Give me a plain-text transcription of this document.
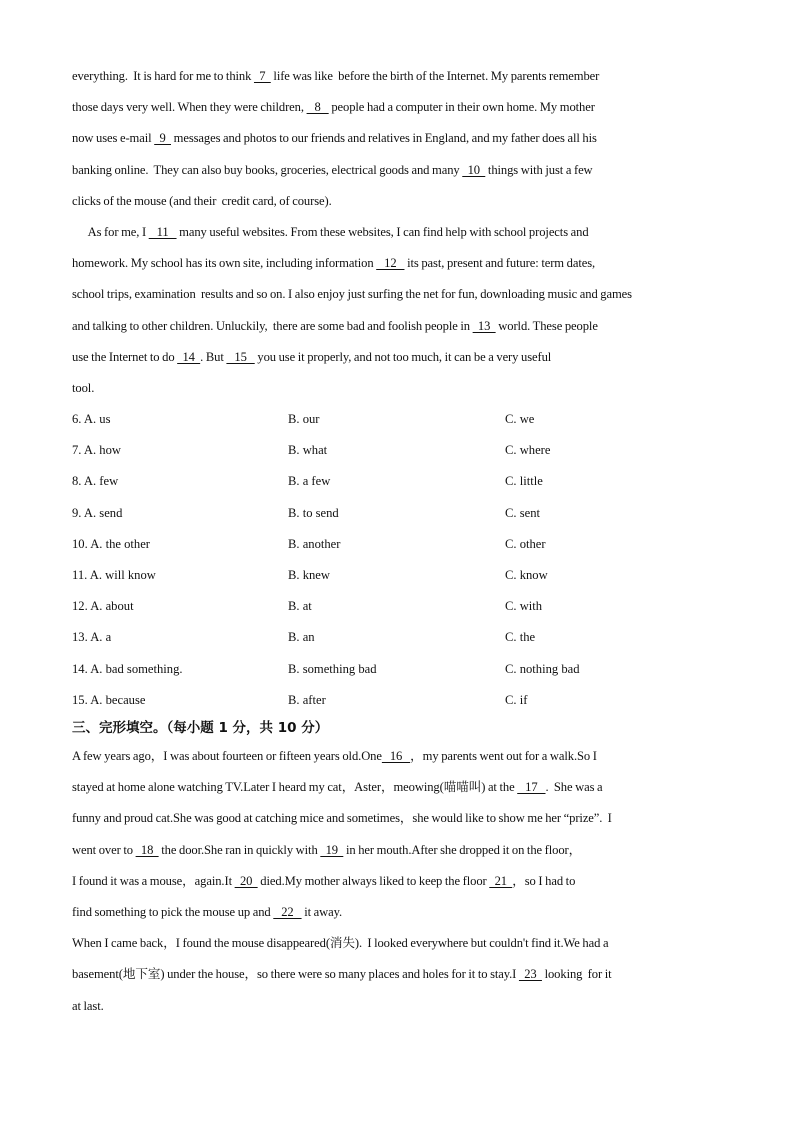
everything.  It is hard for me to think   7   life was like  before the birth of the Internet. My parents remember
those days very well. When they were children,    8    people had a computer in their own home. My mother
now uses e-mail   9   messages and photos to our friends and relatives in England, and my father does all his
banking online.  They can also buy books, groceries, electrical goods and many   10   things with just a few
clicks of the mouse (and their  credit card, of course).
As for me, I    11    many useful websites. From these websites, I can find help with school projects and
homework. My school has its own site, including information    12    its past, present and future: term dates,
school trips, examination  results and so on. I also enjoy just surfing the net for fun, downloading music and games
and talking to other children. Unluckily,  there are some bad and foolish people in   13   world. These people
use the Internet to do   14  . But    15    you use it properly, and not too much, it can be a very useful
tool.
6. A. us	B. our	C. we
7. A. how	B. what	C. where
8. A. few	B. a few	C. little
9. A. send	B. to send	C. sent
10. A. the other	B. another	C. other
11. A. will know	B. knew	C. know
12. A. about	B. at	C. with
13. A. a	B. an	C. the
14. A. bad something.	B. something bad	C. nothing bad
15. A. because	B. after	C. if
三、完形填空。（每小题 1 分，共 10 分）
A few years ago，I was about fourteen or fifteen years old.One   16   ，my parents went out for a walk.So I
stayed at home alone watching TV.Later I heard my cat，Aster，meowing(喵喵叫) at the    17   .  She was a
funny and proud cat.She was good at catching mice and sometimes，she would like to show me her “prize”.  I
went over to   18   the door.She ran in quickly with   19   in her mouth.After she dropped it on the floor，
I found it was a mouse，again.It   20   died.My mother always liked to keep the floor   21  ，so I had to
find something to pick the mouse up and    22    it away.
When I came back，I found the mouse disappeared(消失).  I looked everywhere but couldn't find it.We had a
basement(地下室) under the house，so there were so many places and holes for it to stay.I   23   looking  for it
at last.
